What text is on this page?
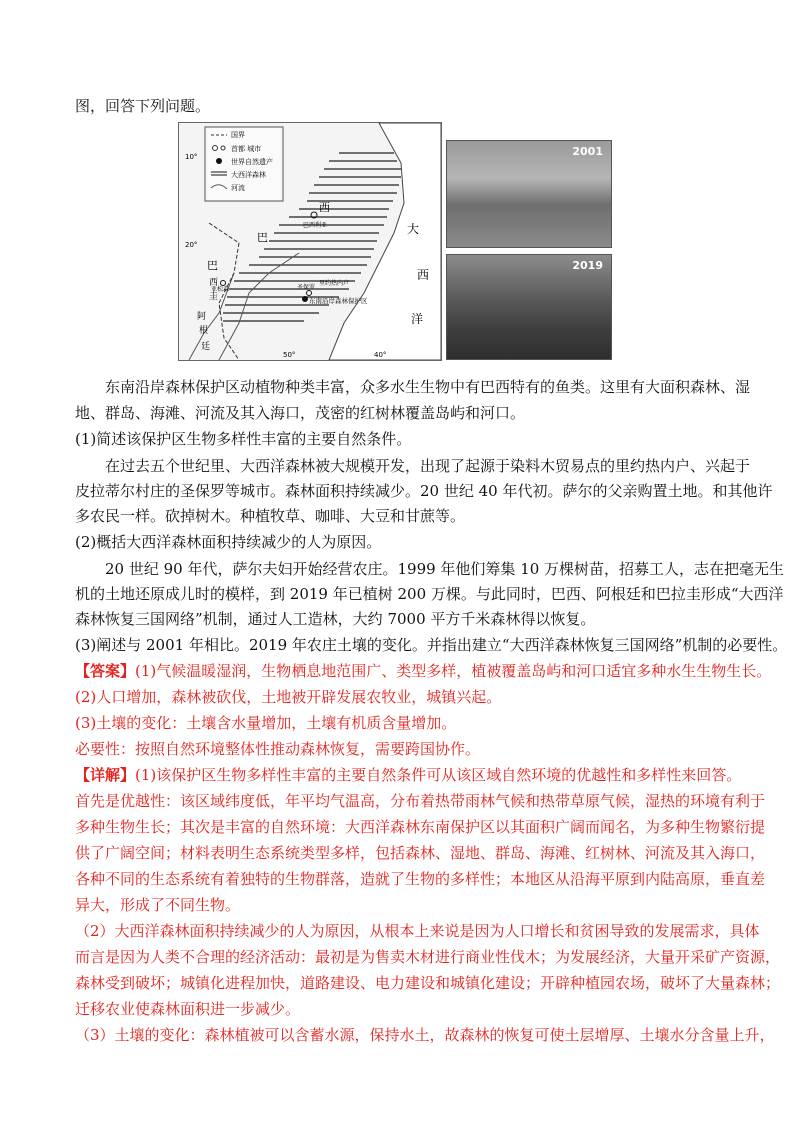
图，回答下列问题。
国界
首都 城市
世界自然遗产
大西洋森林
河流
10°
20°
50°	40°
巴
西
巴
西
圭
阿
根
廷
大
西
洋
巴西利亚
亚松森	圣保罗
里约热内卢
东南沿岸森林保护区
2001
2019
东南沿岸森林保护区动植物种类丰富，众多水生生物中有巴西特有的鱼类。这里有大面积森林、湿
地、群岛、海滩、河流及其入海口，茂密的红树林覆盖岛屿和河口。
(1)简述该保护区生物多样性丰富的主要自然条件。
在过去五个世纪里、大西洋森林被大规模开发，出现了起源于染料木贸易点的里约热内户、兴起于
皮拉蒂尔村庄的圣保罗等城市。森林面积持续减少。20 世纪 40 年代初。萨尔的父亲购置土地。和其他许
多农民一样。砍掉树木。种植牧草、咖啡、大豆和甘蔗等。
(2)概括大西洋森林面积持续减少的人为原因。
20 世纪 90 年代，萨尔夫妇开始经营农庄。1999 年他们筹集 10 万棵树苗，招募工人，志在把毫无生
机的土地还原成儿时的模样，到 2019 年已植树 200 万棵。与此同时，巴西、阿根廷和巴拉圭形成“大西洋
森林恢复三国网络”机制，通过人工造林，大约 7000 平方千米森林得以恢复。
(3)阐述与 2001 年相比。2019 年农庄土壤的变化。并指出建立“大西洋森林恢复三国网络”机制的必要性。
【答案】(1)气候温暖湿润，生物栖息地范围广、类型多样，植被覆盖岛屿和河口适宜多种水生生物生长。
(2)人口增加，森林被砍伐，土地被开辟发展农牧业，城镇兴起。
(3)土壤的变化：土壤含水量增加，土壤有机质含量增加。
必要性：按照自然环境整体性推动森林恢复，需要跨国协作。
【详解】(1)该保护区生物多样性丰富的主要自然条件可从该区域自然环境的优越性和多样性来回答。
首先是优越性：该区域纬度低，年平均气温高，分布着热带雨林气候和热带草原气候，湿热的环境有利于
多种生物生长；其次是丰富的自然环境：大西洋森林东南保护区以其面积广阔而闻名，为多种生物繁衍提
供了广阔空间；材料表明生态系统类型多样，包括森林、湿地、群岛、海滩、红树林、河流及其入海口，
各种不同的生态系统有着独特的生物群落，造就了生物的多样性；本地区从沿海平原到内陆高原，垂直差
异大，形成了不同生物。
（2）大西洋森林面积持续减少的人为原因，从根本上来说是因为人口增长和贫困导致的发展需求，具体
而言是因为人类不合理的经济活动：最初是为售卖木材进行商业性伐木；为发展经济，大量开采矿产资源，
森林受到破坏；城镇化进程加快，道路建设、电力建设和城镇化建设；开辟种植园农场，破坏了大量森林；
迁移农业使森林面积进一步减少。
（3）土壤的变化：森林植被可以含蓄水源，保持水土，故森林的恢复可使土层增厚、土壤水分含量上升，
